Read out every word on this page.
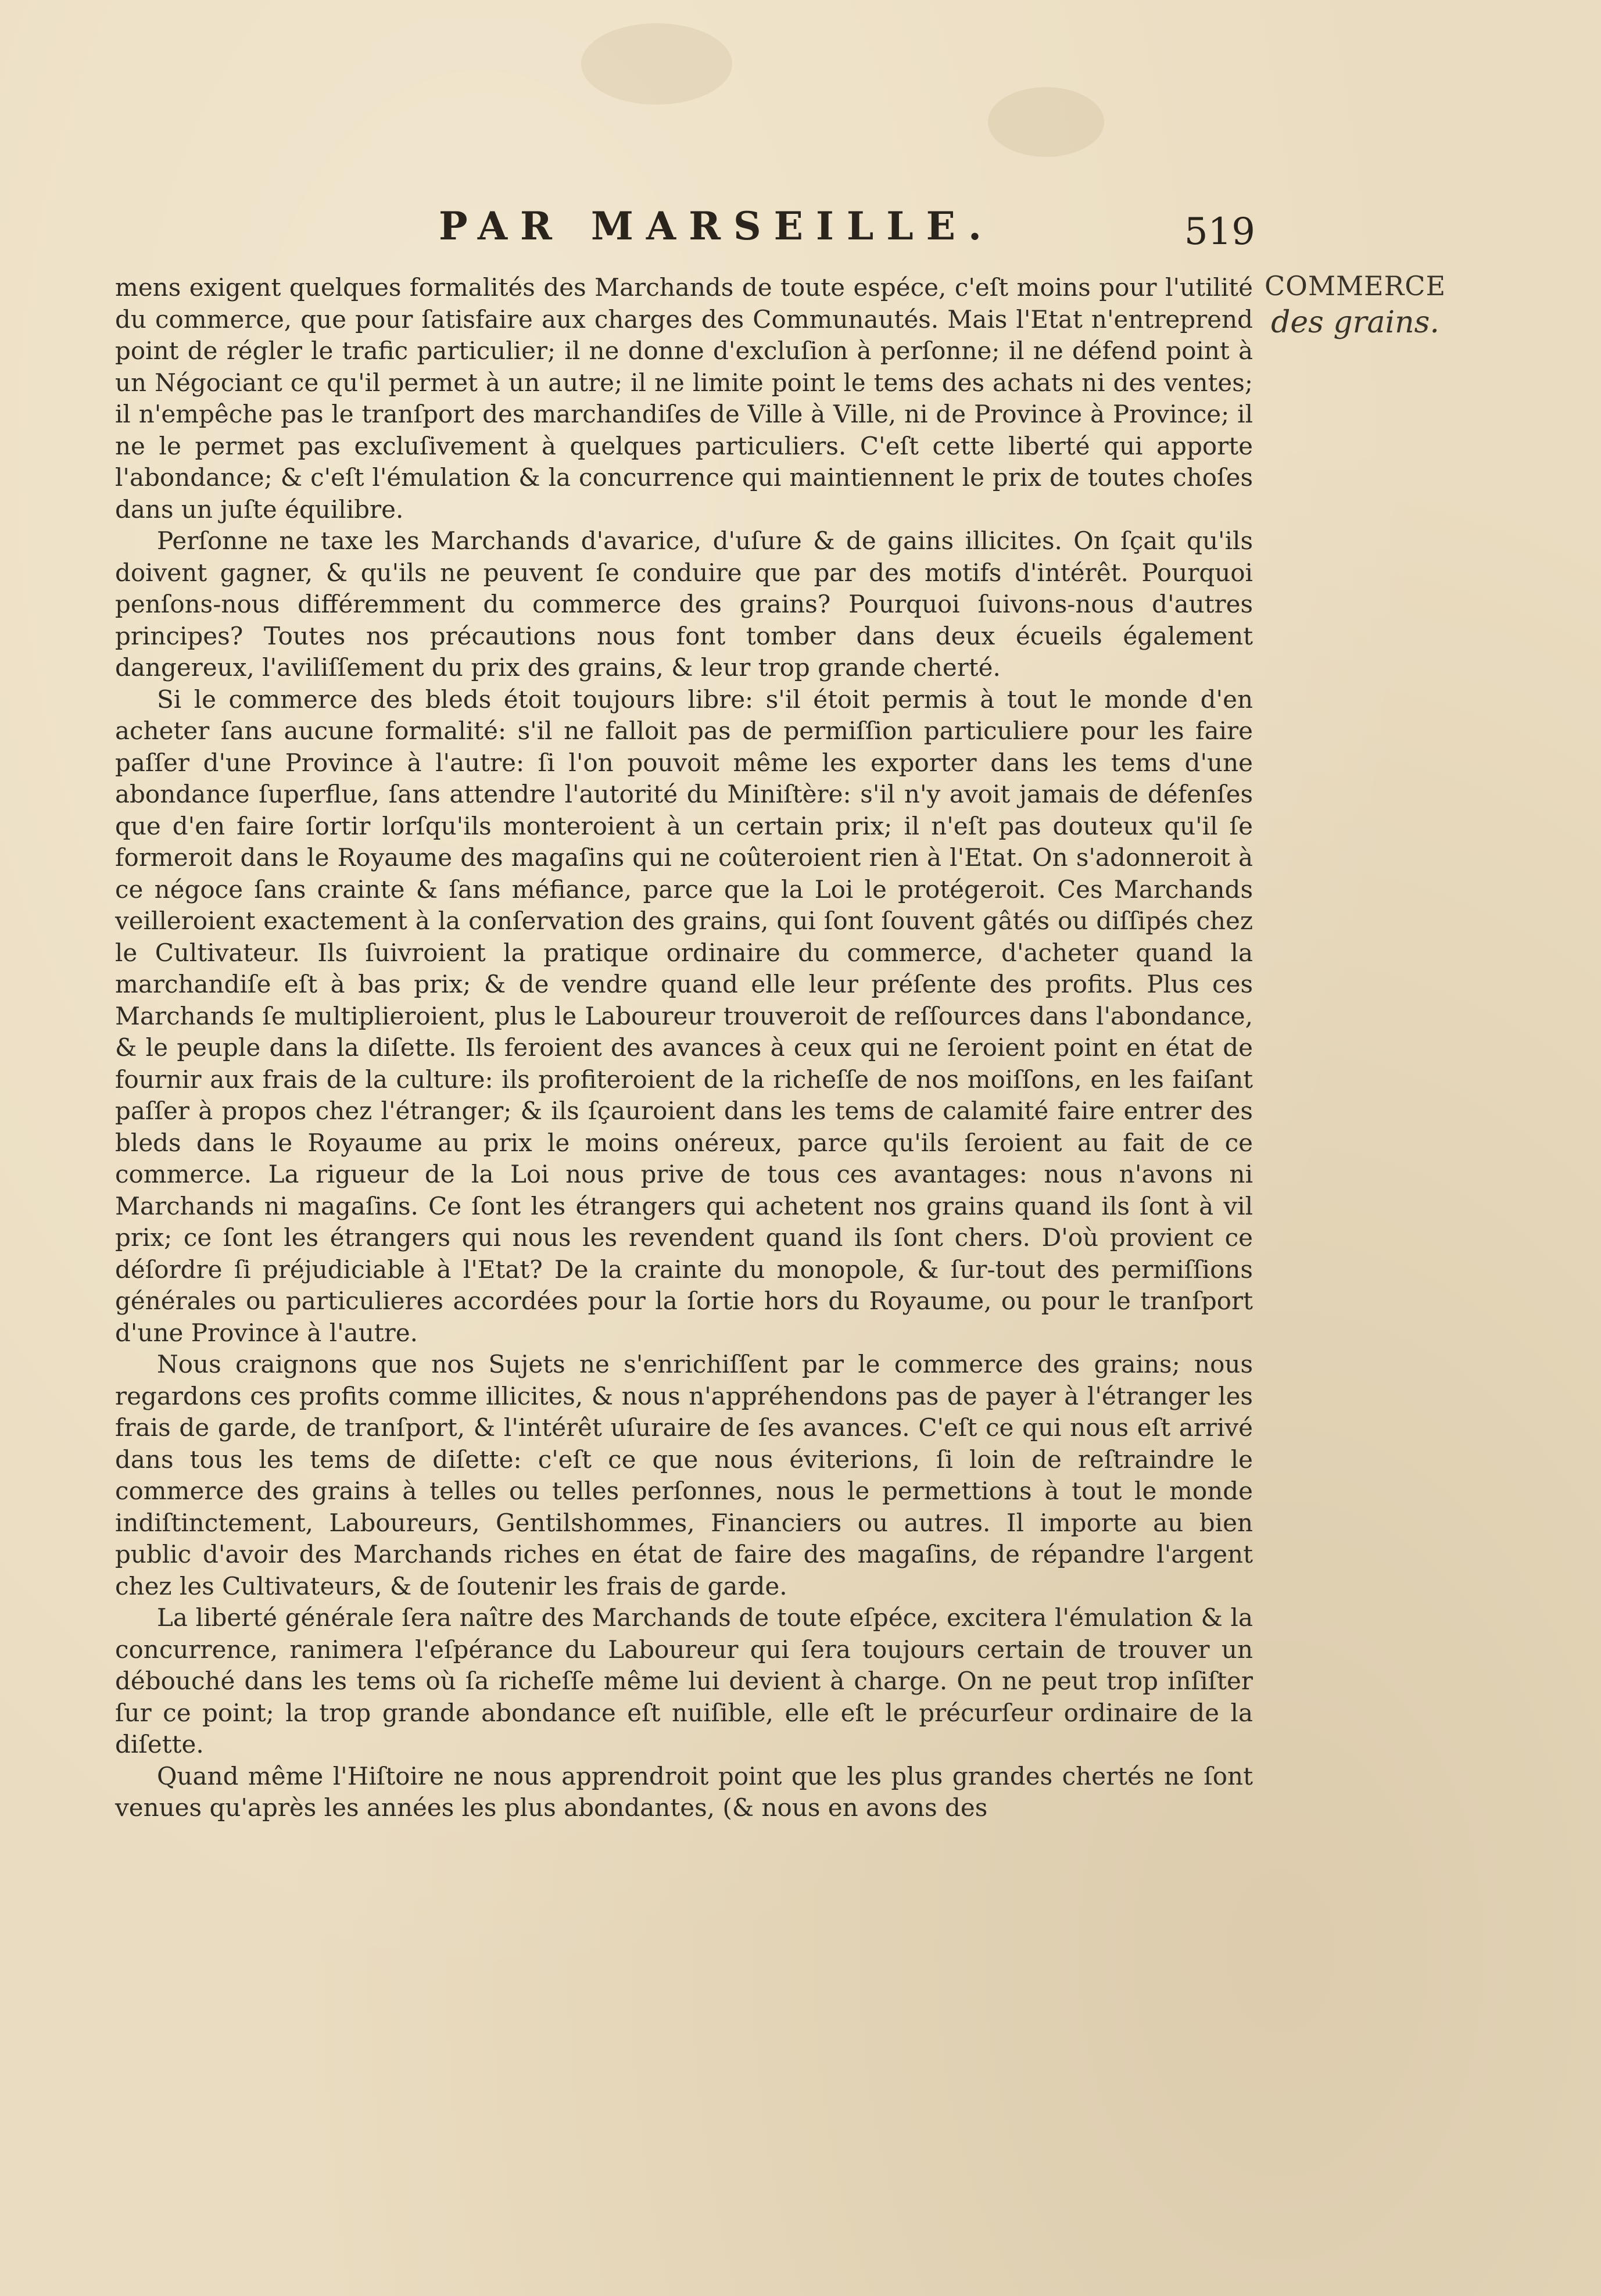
PAR MARSEILLE.	519
COMMERCE
des grains.

mens exigent quelques formalités des Marchands de toute espéce, c'eſt moins pour l'utilité du commerce, que pour ſatisfaire aux charges des Communautés. Mais l'Etat n'entreprend point de régler le trafic particulier; il ne donne d'excluſion à perſonne; il ne défend point à un Négociant ce qu'il permet à un autre; il ne limite point le tems des achats ni des ventes; il n'empêche pas le tranſport des marchandiſes de Ville à Ville, ni de Province à Province; il ne le permet pas excluſivement à quelques particuliers. C'eſt cette liberté qui apporte l'abondance; & c'eſt l'émulation & la concurrence qui maintiennent le prix de toutes choſes dans un juſte équilibre.

Perſonne ne taxe les Marchands d'avarice, d'uſure & de gains illicites. On ſçait qu'ils doivent gagner, & qu'ils ne peuvent ſe conduire que par des motifs d'intérêt. Pourquoi penſons-nous différemment du commerce des grains? Pourquoi ſuivons-nous d'autres principes? Toutes nos précautions nous font tomber dans deux écueils également dangereux, l'aviliſſement du prix des grains, & leur trop grande cherté.

Si le commerce des bleds étoit toujours libre: s'il étoit permis à tout le monde d'en acheter ſans aucune formalité: s'il ne falloit pas de permiſſion particuliere pour les faire paſſer d'une Province à l'autre: ſi l'on pouvoit même les exporter dans les tems d'une abondance ſuperflue, ſans attendre l'autorité du Miniſtère: s'il n'y avoit jamais de défenſes que d'en faire ſortir lorſqu'ils monteroient à un certain prix; il n'eſt pas douteux qu'il ſe formeroit dans le Royaume des magaſins qui ne coûteroient rien à l'Etat. On s'adonneroit à ce négoce ſans crainte & ſans méfiance, parce que la Loi le protégeroit. Ces Marchands veilleroient exactement à la conſervation des grains, qui ſont ſouvent gâtés ou diſſipés chez le Cultivateur. Ils ſuivroient la pratique ordinaire du commerce, d'acheter quand la marchandiſe eſt à bas prix; & de vendre quand elle leur préſente des profits. Plus ces Marchands ſe multiplieroient, plus le Laboureur trouveroit de reſſources dans l'abondance, & le peuple dans la diſette. Ils feroient des avances à ceux qui ne ſeroient point en état de fournir aux frais de la culture: ils profiteroient de la richeſſe de nos moiſſons, en les faiſant paſſer à propos chez l'étranger; & ils ſçauroient dans les tems de calamité faire entrer des bleds dans le Royaume au prix le moins onéreux, parce qu'ils ſeroient au fait de ce commerce. La rigueur de la Loi nous prive de tous ces avantages: nous n'avons ni Marchands ni magaſins. Ce ſont les étrangers qui achetent nos grains quand ils ſont à vil prix; ce ſont les étrangers qui nous les revendent quand ils ſont chers. D'où provient ce déſordre ſi préjudiciable à l'Etat? De la crainte du monopole, & ſur-tout des permiſſions générales ou particulieres accordées pour la ſortie hors du Royaume, ou pour le tranſport d'une Province à l'autre.

Nous craignons que nos Sujets ne s'enrichiſſent par le commerce des grains; nous regardons ces profits comme illicites, & nous n'appréhendons pas de payer à l'étranger les frais de garde, de tranſport, & l'intérêt uſuraire de ſes avances. C'eſt ce qui nous eſt arrivé dans tous les tems de diſette: c'eſt ce que nous éviterions, ſi loin de reſtraindre le commerce des grains à telles ou telles perſonnes, nous le permettions à tout le monde indiſtinctement, Laboureurs, Gentilshommes, Financiers ou autres. Il importe au bien public d'avoir des Marchands riches en état de faire des magaſins, de répandre l'argent chez les Cultivateurs, & de ſoutenir les frais de garde.

La liberté générale ſera naître des Marchands de toute eſpéce, excitera l'émulation & la concurrence, ranimera l'eſpérance du Laboureur qui ſera toujours certain de trouver un débouché dans les tems où ſa richeſſe même lui devient à charge. On ne peut trop inſiſter ſur ce point; la trop grande abondance eſt nuiſible, elle eſt le précurſeur ordinaire de la diſette.

Quand même l'Hiſtoire ne nous apprendroit point que les plus grandes chertés ne ſont venues qu'après les années les plus abondantes, (& nous en avons des
